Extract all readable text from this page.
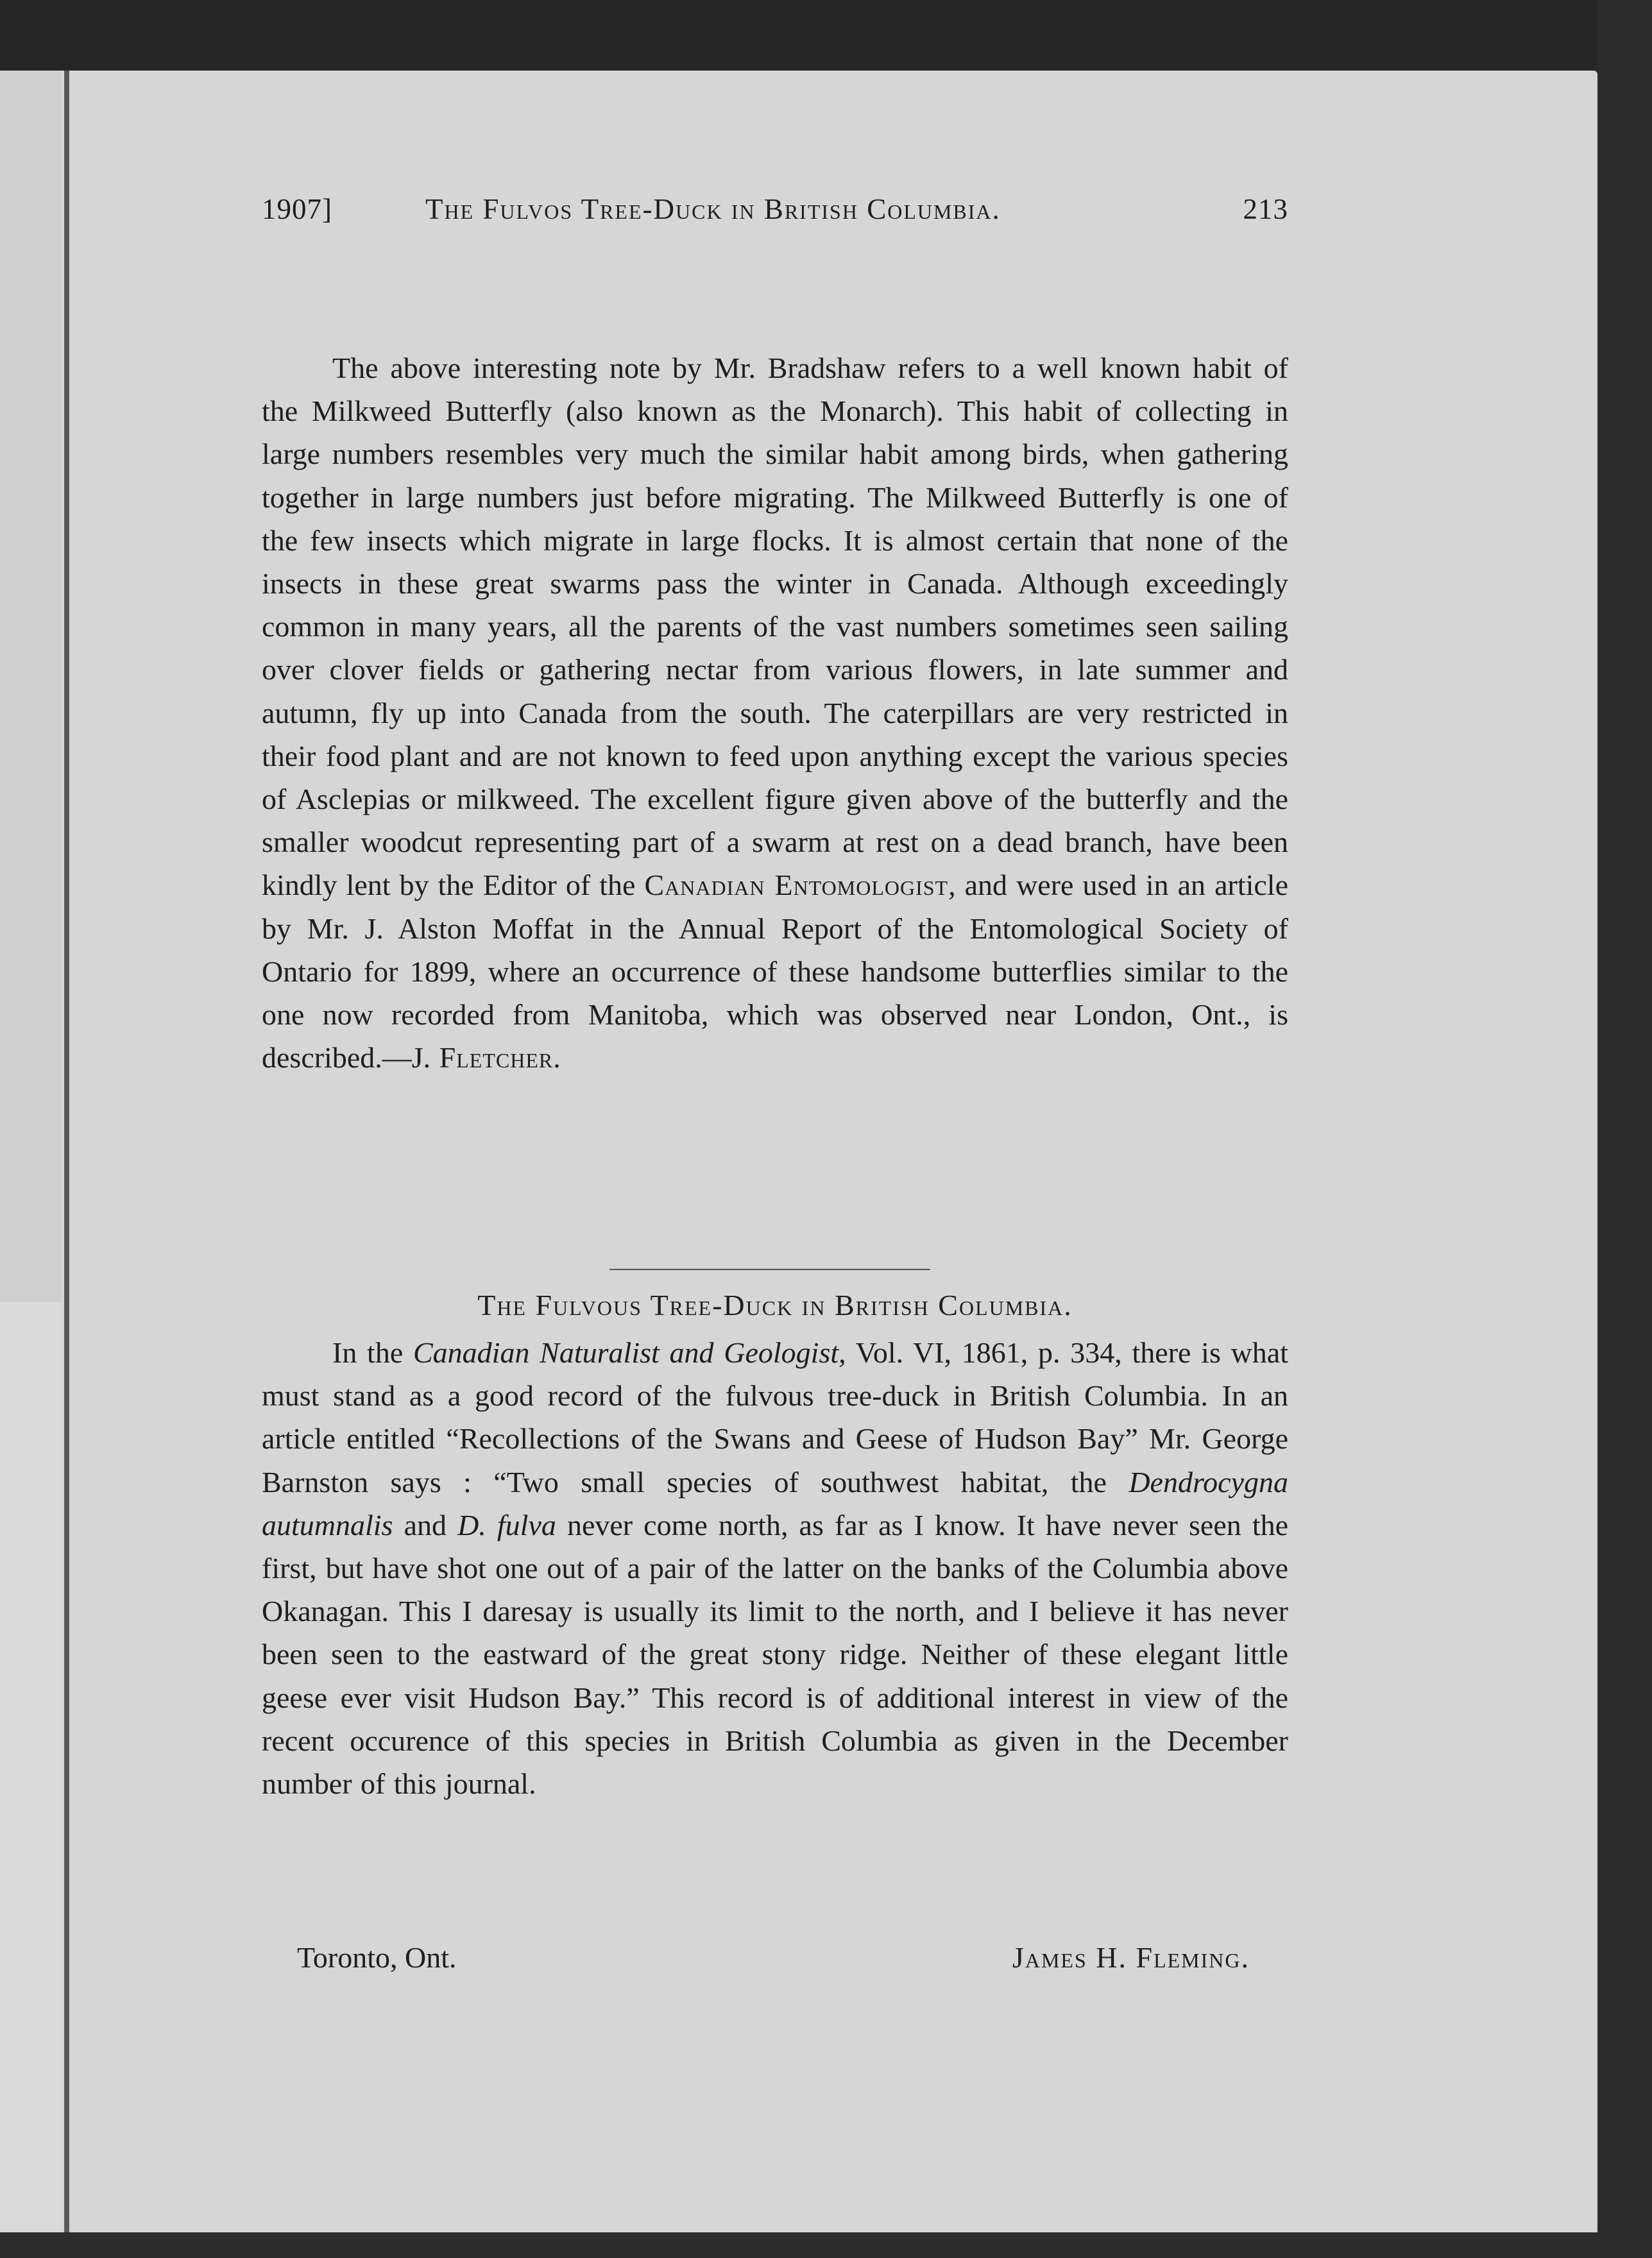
1907]	The Fulvos Tree-Duck in British Columbia.	213

The above interesting note by Mr. Bradshaw refers to a well known habit of the Milkweed Butterfly (also known as the Monarch). This habit of collecting in large numbers resembles very much the similar habit among birds, when gathering together in large numbers just before migrating. The Milkweed Butterfly is one of the few insects which migrate in large flocks. It is almost certain that none of the insects in these great swarms pass the winter in Canada. Although exceedingly common in many years, all the parents of the vast numbers sometimes seen sailing over clover fields or gathering nectar from various flowers, in late summer and autumn, fly up into Canada from the south. The caterpillars are very restricted in their food plant and are not known to feed upon anything except the various species of Asclepias or milkweed. The excellent figure given above of the butterfly and the smaller woodcut representing part of a swarm at rest on a dead branch, have been kindly lent by the Editor of the Canadian Entomologist, and were used in an article by Mr. J. Alston Moffat in the Annual Report of the Entomological Society of Ontario for 1899, where an occurrence of these handsome butterflies similar to the one now recorded from Manitoba, which was observed near London, Ont., is described.—J. Fletcher.

The Fulvous Tree-Duck in British Columbia.

In the Canadian Naturalist and Geologist, Vol. VI, 1861, p. 334, there is what must stand as a good record of the fulvous tree-duck in British Columbia. In an article entitled “Recollections of the Swans and Geese of Hudson Bay” Mr. George Barnston says : “Two small species of southwest habitat, the Dendrocygna autumnalis and D. fulva never come north, as far as I know. It have never seen the first, but have shot one out of a pair of the latter on the banks of the Columbia above Okanagan. This I daresay is usually its limit to the north, and I believe it has never been seen to the eastward of the great stony ridge. Neither of these elegant little geese ever visit Hudson Bay.” This record is of additional interest in view of the recent occurence of this species in British Columbia as given in the December number of this journal.

Toronto, Ont.	James H. Fleming.
